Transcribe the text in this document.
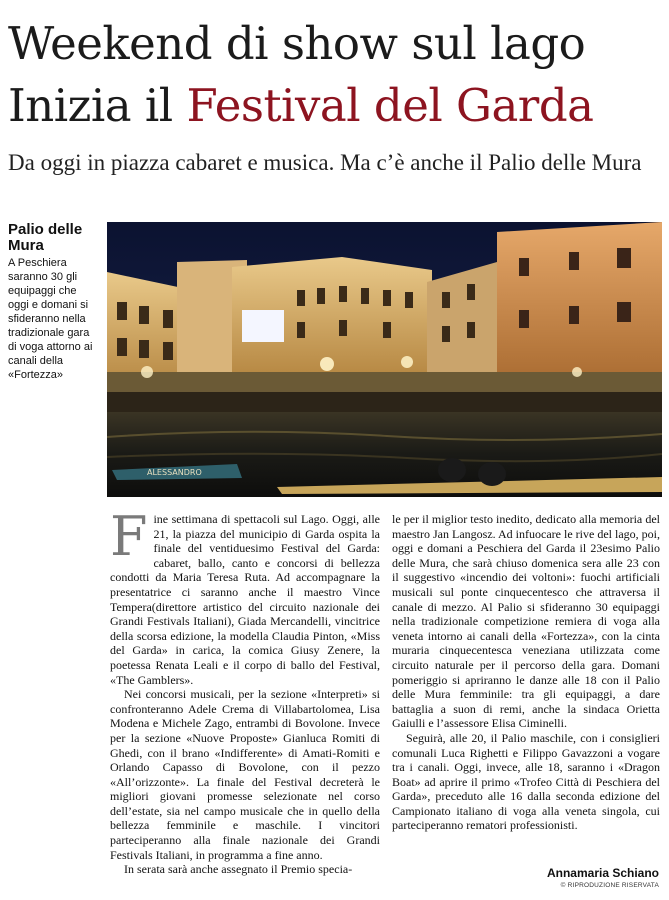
Weekend di show sul lago
Inizia il Festival del Garda
Da oggi in piazza cabaret e musica. Ma c’è anche il Palio delle Mura
Palio delle Mura
A Peschiera saranno 30 gli equipaggi che oggi e domani si sfideranno nella tradizionale gara di voga attorno ai canali della «Fortezza»
ALESSANDRO

Fine settimana di spettacoli sul Lago. Oggi, alle 21, la piazza del municipio di Garda ospita la finale del ventiduesimo Festival del Garda: cabaret, ballo, canto e concorsi di bellezza condotti da Maria Teresa Ruta. Ad accompagnare la presentatrice ci saranno anche il maestro Vince Tempera(direttore artistico del circuito nazionale dei Grandi Festivals Italiani), Giada Mercandelli, vincitrice della scorsa edizione, la modella Claudia Pinton, «Miss del Garda» in carica, la comica Giusy Zenere, la poetessa Renata Leali e il corpo di ballo del Festival, «The Gamblers».

Nei concorsi musicali, per la sezione «Interpreti» si confronteranno Adele Crema di Villabartolomea, Lisa Modena e Michele Zago, entrambi di Bovolone. Invece per la sezione «Nuove Proposte» Gianluca Romiti di Ghedi, con il brano «Indifferente» di Amati-Romiti e Orlando Capasso di Bovolone, con il pezzo «All’orizzonte». La finale del Festival decreterà le migliori giovani promesse selezionate nel corso dell’estate, sia nel campo musicale che in quello della bellezza femminile e maschile. I vincitori parteciperanno alla finale nazionale dei Grandi Festivals Italiani, in programma a fine anno.

In serata sarà anche assegnato il Premio specia-

le per il miglior testo inedito, dedicato alla memoria del maestro Jan Langosz. Ad infuocare le rive del lago, poi, oggi e domani a Peschiera del Garda il 23esimo Palio delle Mura, che sarà chiuso domenica sera alle 23 con il suggestivo «incendio dei voltoni»: fuochi artificiali musicali sul ponte cinquecentesco che attraversa il canale di mezzo. Al Palio si sfideranno 30 equipaggi nella tradizionale competizione remiera di voga alla veneta intorno ai canali della «Fortezza», con la cinta muraria cinquecentesca veneziana utilizzata come circuito naturale per il percorso della gara. Domani pomeriggio si apriranno le danze alle 18 con il Palio delle Mura femminile: tra gli equipaggi, a dare battaglia a suon di remi, anche la sindaca Orietta Gaiulli e l’assessore Elisa Ciminelli.

Seguirà, alle 20, il Palio maschile, con i consiglieri comunali Luca Righetti e Filippo Gavazzoni a vogare tra i canali. Oggi, invece, alle 18, saranno i «Dragon Boat» ad aprire il primo «Trofeo Città di Peschiera del Garda», preceduto alle 16 dalla seconda edizione del Campionato italiano di voga alla veneta singola, cui parteciperanno rematori professionisti.

Annamaria Schiano
© RIPRODUZIONE RISERVATA
